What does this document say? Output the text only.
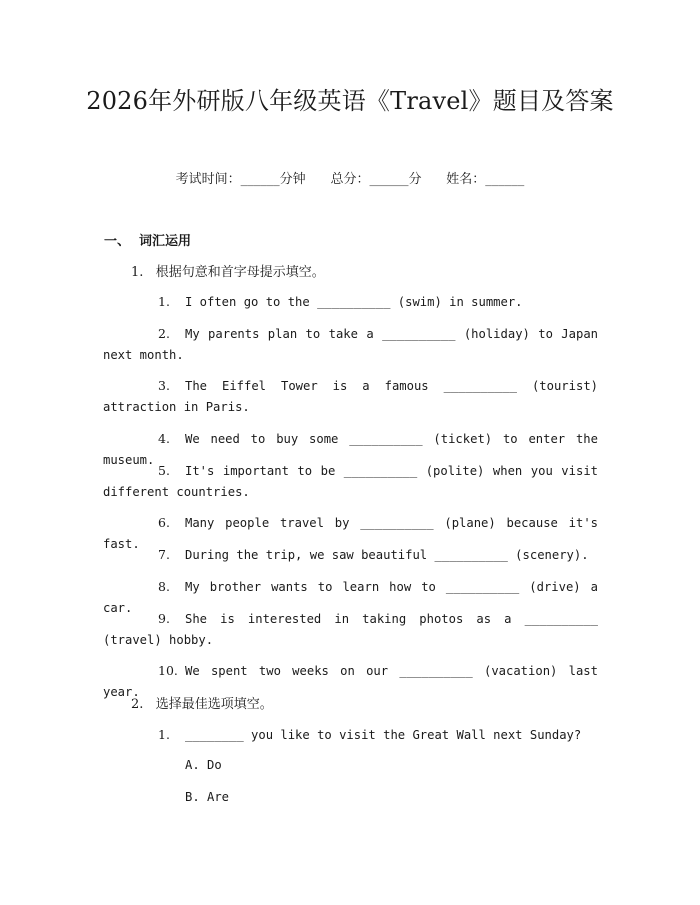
2026年外研版八年级英语《Travel》题目及答案
考试时间：______分钟 总分：______分 姓名：______
一、  词汇运用
1.   根据句意和首字母提示填空。
1. I often go to the __________ (swim) in summer.
2. My parents plan to take a __________ (holiday) to Japan next month.
3. The Eiffel Tower is a famous __________ (tourist) attraction in Paris.
4. We need to buy some __________ (ticket) to enter the museum.
5. It's important to be __________ (polite) when you visit different countries.
6. Many people travel by __________ (plane) because it's fast.
7. During the trip, we saw beautiful __________ (scenery).
8. My brother wants to learn how to __________ (drive) a car.
9. She is interested in taking photos as a __________ (travel) hobby.
10. We spent two weeks on our __________ (vacation) last year.
2.   选择最佳选项填空。
1. ________ you like to visit the Great Wall next Sunday?
A. Do
B. Are
